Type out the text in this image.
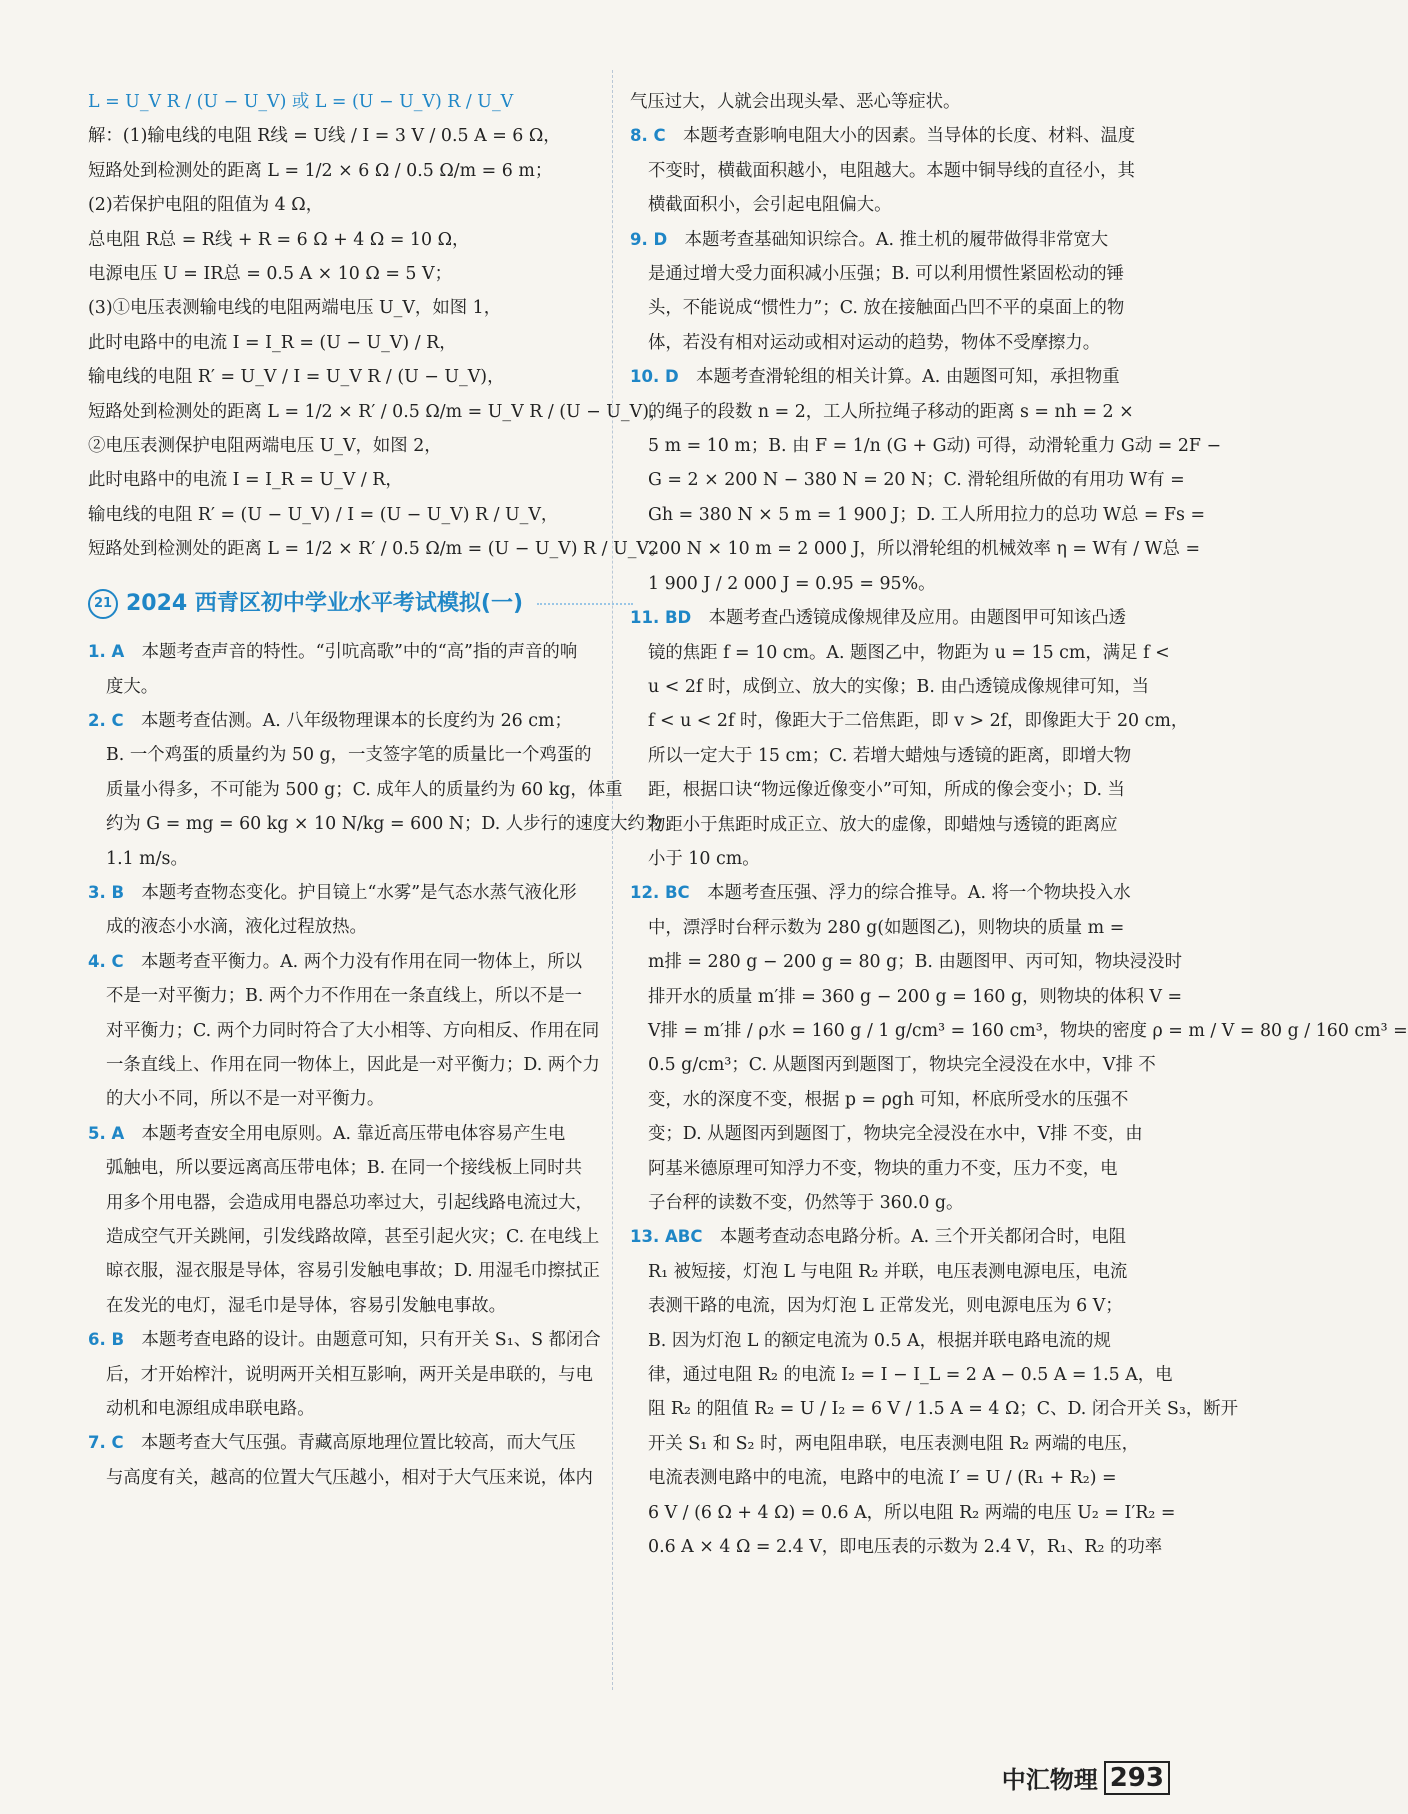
L = U_V R / (U − U_V) 或 L = (U − U_V) R / U_V
解：(1)输电线的电阻 R线 = U线 / I = 3 V / 0.5 A = 6 Ω，
短路处到检测处的距离 L = 1/2 × 6 Ω / 0.5 Ω/m = 6 m；
(2)若保护电阻的阻值为 4 Ω，
总电阻 R总 = R线 + R = 6 Ω + 4 Ω = 10 Ω，
电源电压 U = IR总 = 0.5 A × 10 Ω = 5 V；
(3)①电压表测输电线的电阻两端电压 U_V，如图 1，
此时电路中的电流 I = I_R = (U − U_V) / R，
输电线的电阻 R′ = U_V / I = U_V R / (U − U_V)，
短路处到检测处的距离 L = 1/2 × R′ / 0.5 Ω/m = U_V R / (U − U_V)，
②电压表测保护电阻两端电压 U_V，如图 2，
此时电路中的电流 I = I_R = U_V / R，
输电线的电阻 R′ = (U − U_V) / I = (U − U_V) R / U_V，
短路处到检测处的距离 L = 1/2 × R′ / 0.5 Ω/m = (U − U_V) R / U_V。
21 2024 西青区初中学业水平考试模拟(一)
1. A  本题考查声音的特性。“引吭高歌”中的“高”指的声音的响
度大。
2. C  本题考查估测。A. 八年级物理课本的长度约为 26 cm；
B. 一个鸡蛋的质量约为 50 g，一支签字笔的质量比一个鸡蛋的
质量小得多，不可能为 500 g；C. 成年人的质量约为 60 kg，体重
约为 G = mg = 60 kg × 10 N/kg = 600 N；D. 人步行的速度大约为
1.1 m/s。
3. B  本题考查物态变化。护目镜上“水雾”是气态水蒸气液化形
成的液态小水滴，液化过程放热。
4. C  本题考查平衡力。A. 两个力没有作用在同一物体上，所以
不是一对平衡力；B. 两个力不作用在一条直线上，所以不是一
对平衡力；C. 两个力同时符合了大小相等、方向相反、作用在同
一条直线上、作用在同一物体上，因此是一对平衡力；D. 两个力
的大小不同，所以不是一对平衡力。
5. A  本题考查安全用电原则。A. 靠近高压带电体容易产生电
弧触电，所以要远离高压带电体；B. 在同一个接线板上同时共
用多个用电器，会造成用电器总功率过大，引起线路电流过大，
造成空气开关跳闸，引发线路故障，甚至引起火灾；C. 在电线上
晾衣服，湿衣服是导体，容易引发触电事故；D. 用湿毛巾擦拭正
在发光的电灯，湿毛巾是导体，容易引发触电事故。
6. B  本题考查电路的设计。由题意可知，只有开关 S₁、S 都闭合
后，才开始榨汁，说明两开关相互影响，两开关是串联的，与电
动机和电源组成串联电路。
7. C  本题考查大气压强。青藏高原地理位置比较高，而大气压
与高度有关，越高的位置大气压越小，相对于大气压来说，体内
气压过大，人就会出现头晕、恶心等症状。
8. C  本题考查影响电阻大小的因素。当导体的长度、材料、温度
不变时，横截面积越小，电阻越大。本题中铜导线的直径小，其
横截面积小，会引起电阻偏大。
9. D  本题考查基础知识综合。A. 推土机的履带做得非常宽大
是通过增大受力面积减小压强；B. 可以利用惯性紧固松动的锤
头，不能说成“惯性力”；C. 放在接触面凸凹不平的桌面上的物
体，若没有相对运动或相对运动的趋势，物体不受摩擦力。
10. D  本题考查滑轮组的相关计算。A. 由题图可知，承担物重
的绳子的段数 n = 2，工人所拉绳子移动的距离 s = nh = 2 ×
5 m = 10 m；B. 由 F = 1/n (G + G动) 可得，动滑轮重力 G动 = 2F −
G = 2 × 200 N − 380 N = 20 N；C. 滑轮组所做的有用功 W有 =
Gh = 380 N × 5 m = 1 900 J；D. 工人所用拉力的总功 W总 = Fs =
200 N × 10 m = 2 000 J，所以滑轮组的机械效率 η = W有 / W总 =
1 900 J / 2 000 J = 0.95 = 95%。
11. BD  本题考查凸透镜成像规律及应用。由题图甲可知该凸透
镜的焦距 f = 10 cm。A. 题图乙中，物距为 u = 15 cm，满足 f <
u < 2f 时，成倒立、放大的实像；B. 由凸透镜成像规律可知，当
f < u < 2f 时，像距大于二倍焦距，即 v > 2f，即像距大于 20 cm，
所以一定大于 15 cm；C. 若增大蜡烛与透镜的距离，即增大物
距，根据口诀“物远像近像变小”可知，所成的像会变小；D. 当
物距小于焦距时成正立、放大的虚像，即蜡烛与透镜的距离应
小于 10 cm。
12. BC  本题考查压强、浮力的综合推导。A. 将一个物块投入水
中，漂浮时台秤示数为 280 g(如题图乙)，则物块的质量 m =
m排 = 280 g − 200 g = 80 g；B. 由题图甲、丙可知，物块浸没时
排开水的质量 m′排 = 360 g − 200 g = 160 g，则物块的体积 V =
V排 = m′排 / ρ水 = 160 g / 1 g/cm³ = 160 cm³，物块的密度 ρ = m / V = 80 g / 160 cm³ =
0.5 g/cm³；C. 从题图丙到题图丁，物块完全浸没在水中，V排 不
变，水的深度不变，根据 p = ρgh 可知，杯底所受水的压强不
变；D. 从题图丙到题图丁，物块完全浸没在水中，V排 不变，由
阿基米德原理可知浮力不变，物块的重力不变，压力不变，电
子台秤的读数不变，仍然等于 360.0 g。
13. ABC  本题考查动态电路分析。A. 三个开关都闭合时，电阻
R₁ 被短接，灯泡 L 与电阻 R₂ 并联，电压表测电源电压，电流
表测干路的电流，因为灯泡 L 正常发光，则电源电压为 6 V；
B. 因为灯泡 L 的额定电流为 0.5 A，根据并联电路电流的规
律，通过电阻 R₂ 的电流 I₂ = I − I_L = 2 A − 0.5 A = 1.5 A，电
阻 R₂ 的阻值 R₂ = U / I₂ = 6 V / 1.5 A = 4 Ω；C、D. 闭合开关 S₃，断开
开关 S₁ 和 S₂ 时，两电阻串联，电压表测电阻 R₂ 两端的电压，
电流表测电路中的电流，电路中的电流 I′ = U / (R₁ + R₂) =
6 V / (6 Ω + 4 Ω) = 0.6 A，所以电阻 R₂ 两端的电压 U₂ = I′R₂ =
0.6 A × 4 Ω = 2.4 V，即电压表的示数为 2.4 V，R₁、R₂ 的功率
中汇物理 293
